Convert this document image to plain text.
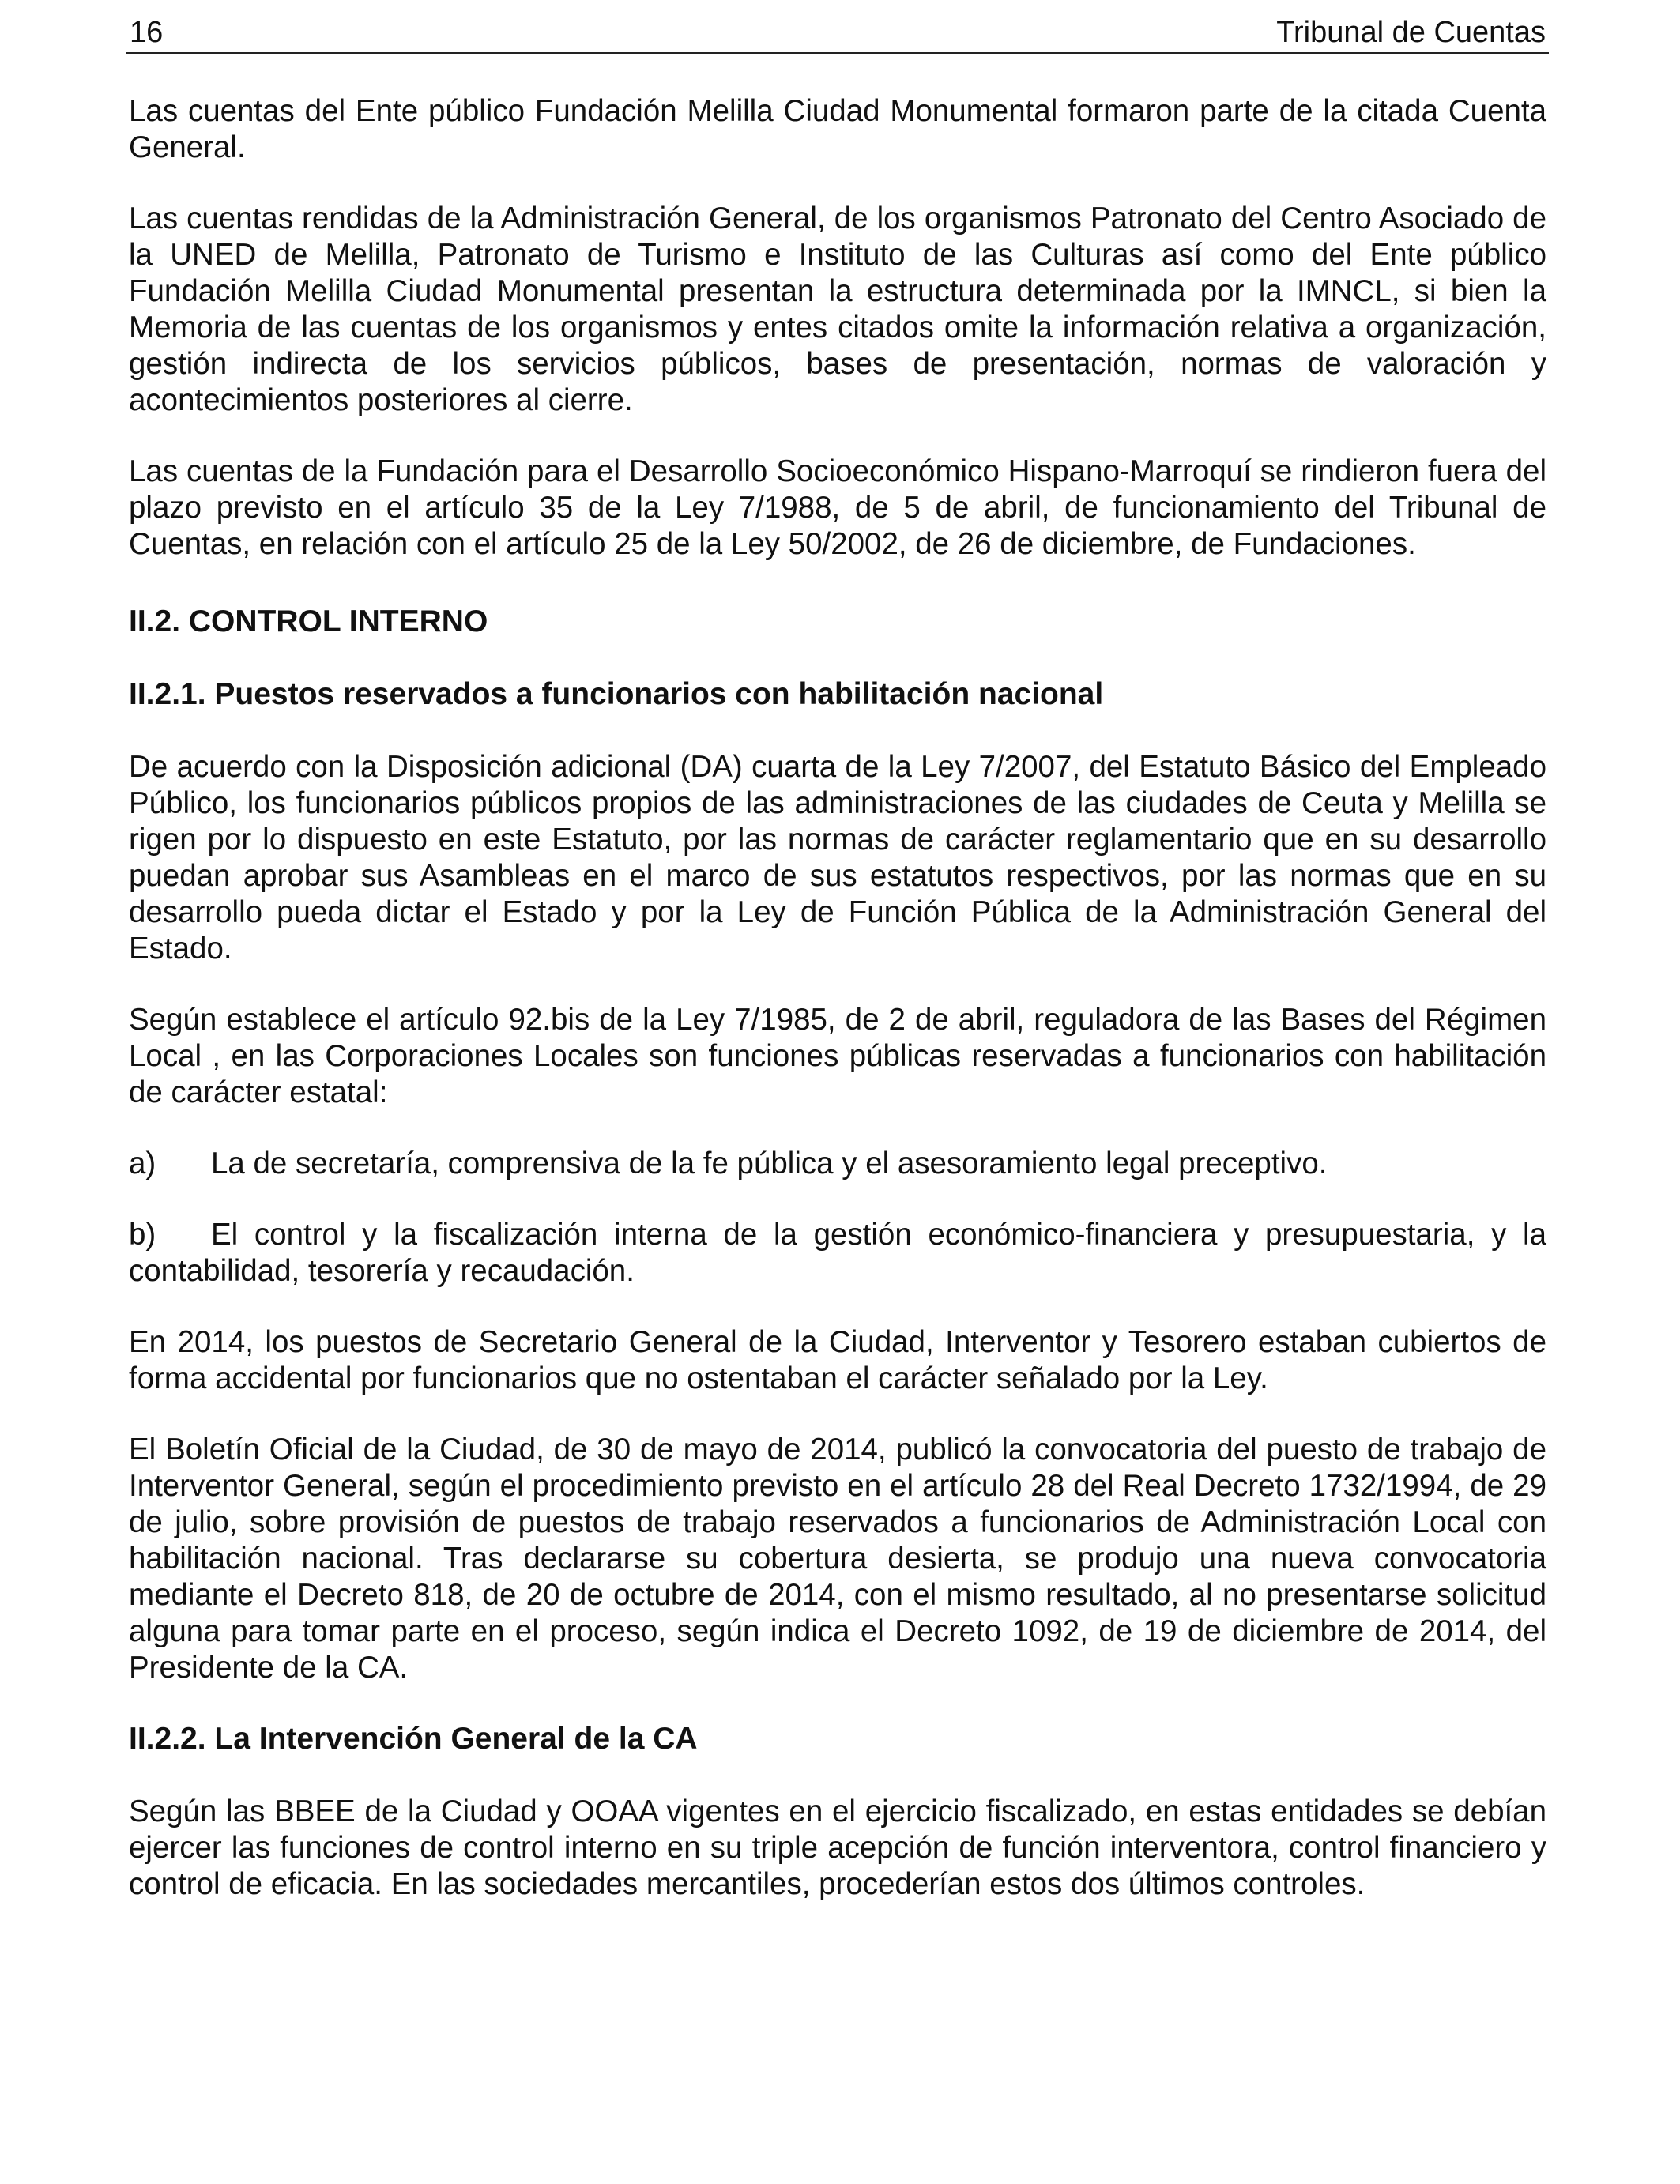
16	Tribunal de Cuentas

Las cuentas del Ente público Fundación Melilla Ciudad Monumental formaron parte de la citada Cuenta General.

Las cuentas rendidas de la Administración General, de los organismos Patronato del Centro Asociado de la UNED de Melilla, Patronato de Turismo e Instituto de las Culturas así como del Ente público Fundación Melilla Ciudad Monumental presentan la estructura determinada por la IMNCL, si bien la Memoria de las cuentas de los organismos y entes citados omite la información relativa a organización, gestión indirecta de los servicios públicos, bases de presentación, normas de valoración y acontecimientos posteriores al cierre.

Las cuentas de la Fundación para el Desarrollo Socioeconómico Hispano-Marroquí se rindieron fuera del plazo previsto en el artículo 35 de la Ley 7/1988, de 5 de abril, de funcionamiento del Tribunal de Cuentas, en relación con el artículo 25 de la Ley 50/2002, de 26 de diciembre, de Fundaciones.

II.2. CONTROL INTERNO
II.2.1. Puestos reservados a funcionarios con habilitación nacional

De acuerdo con la Disposición adicional (DA) cuarta de la Ley 7/2007, del Estatuto Básico del Empleado Público, los funcionarios públicos propios de las administraciones de las ciudades de Ceuta y Melilla se rigen por lo dispuesto en este Estatuto, por las normas de carácter reglamentario que en su desarrollo puedan aprobar sus Asambleas en el marco de sus estatutos respectivos, por las normas que en su desarrollo pueda dictar el Estado y por la Ley de Función Pública de la Administración General del Estado.

Según establece el artículo 92.bis de la Ley 7/1985, de 2 de abril, reguladora de las Bases del Régimen Local , en las Corporaciones Locales son funciones públicas reservadas a funcionarios con habilitación de carácter estatal:

a) La de secretaría, comprensiva de la fe pública y el asesoramiento legal preceptivo.
b) El control y la fiscalización interna de la gestión económico-financiera y presupuestaria, y la contabilidad, tesorería y recaudación.

En 2014, los puestos de Secretario General de la Ciudad, Interventor y Tesorero estaban cubiertos de forma accidental por funcionarios que no ostentaban el carácter señalado por la Ley.

El Boletín Oficial de la Ciudad, de 30 de mayo de 2014, publicó la convocatoria del puesto de trabajo de Interventor General, según el procedimiento previsto en el artículo 28 del Real Decreto 1732/1994, de 29 de julio, sobre provisión de puestos de trabajo reservados a funcionarios de Administración Local con habilitación nacional. Tras declararse su cobertura desierta, se produjo una nueva convocatoria mediante el Decreto 818, de 20 de octubre de 2014, con el mismo resultado, al no presentarse solicitud alguna para tomar parte en el proceso, según indica el Decreto 1092, de 19 de diciembre de 2014, del Presidente de la CA.

II.2.2. La Intervención General de la CA

Según las BBEE de la Ciudad y OOAA vigentes en el ejercicio fiscalizado, en estas entidades se debían ejercer las funciones de control interno en su triple acepción de función interventora, control financiero y control de eficacia. En las sociedades mercantiles, procederían estos dos últimos controles.
